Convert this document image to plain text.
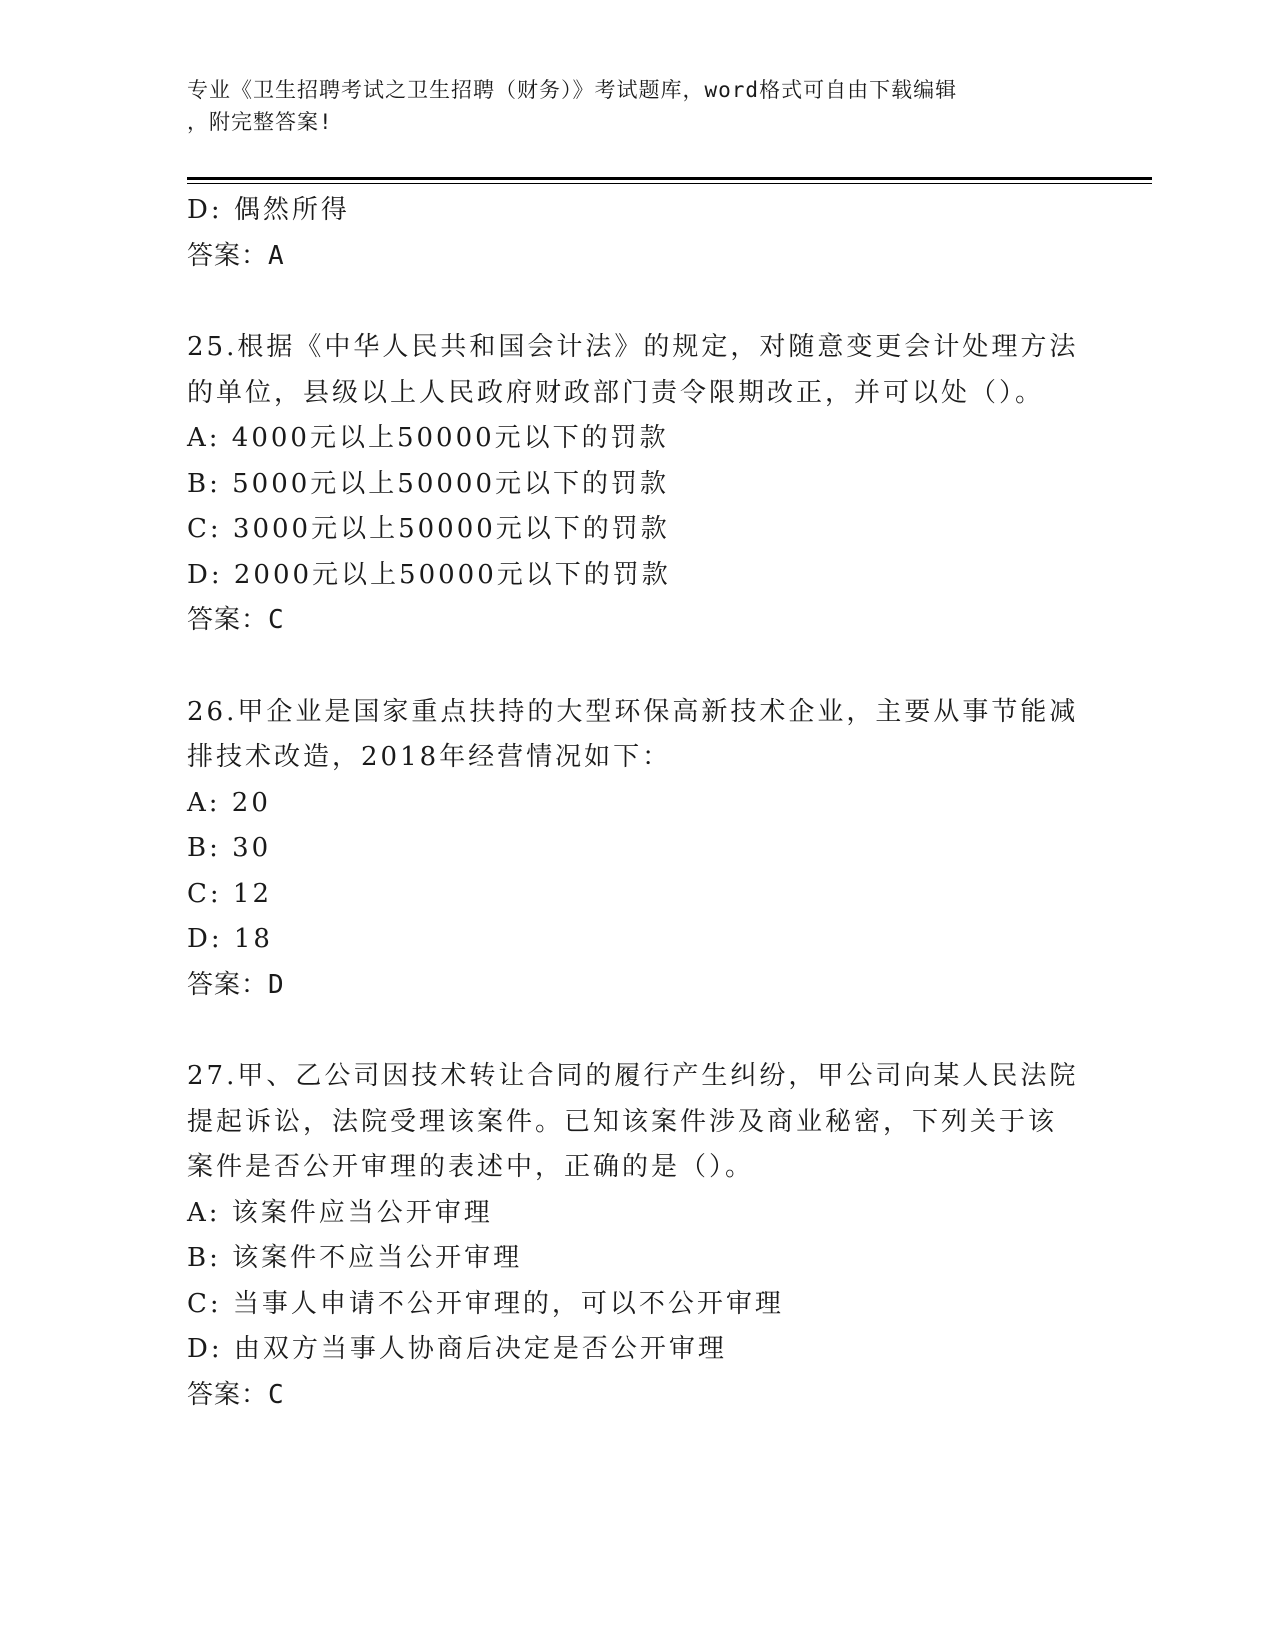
专业《卫生招聘考试之卫生招聘（财务）》考试题库，word格式可自由下载编辑
，附完整答案!
D: 偶然所得
答案：A
25.根据《中华人民共和国会计法》的规定，对随意变更会计处理方法
的单位，县级以上人民政府财政部门责令限期改正，并可以处（）。
A: 4000元以上50000元以下的罚款
B: 5000元以上50000元以下的罚款
C: 3000元以上50000元以下的罚款
D: 2000元以上50000元以下的罚款
答案：C
26.甲企业是国家重点扶持的大型环保高新技术企业，主要从事节能减
排技术改造，2018年经营情况如下：
A: 20
B: 30
C: 12
D: 18
答案：D
27.甲、乙公司因技术转让合同的履行产生纠纷，甲公司向某人民法院
提起诉讼，法院受理该案件。已知该案件涉及商业秘密，下列关于该
案件是否公开审理的表述中，正确的是（）。
A: 该案件应当公开审理
B: 该案件不应当公开审理
C: 当事人申请不公开审理的，可以不公开审理
D: 由双方当事人协商后决定是否公开审理
答案：C
